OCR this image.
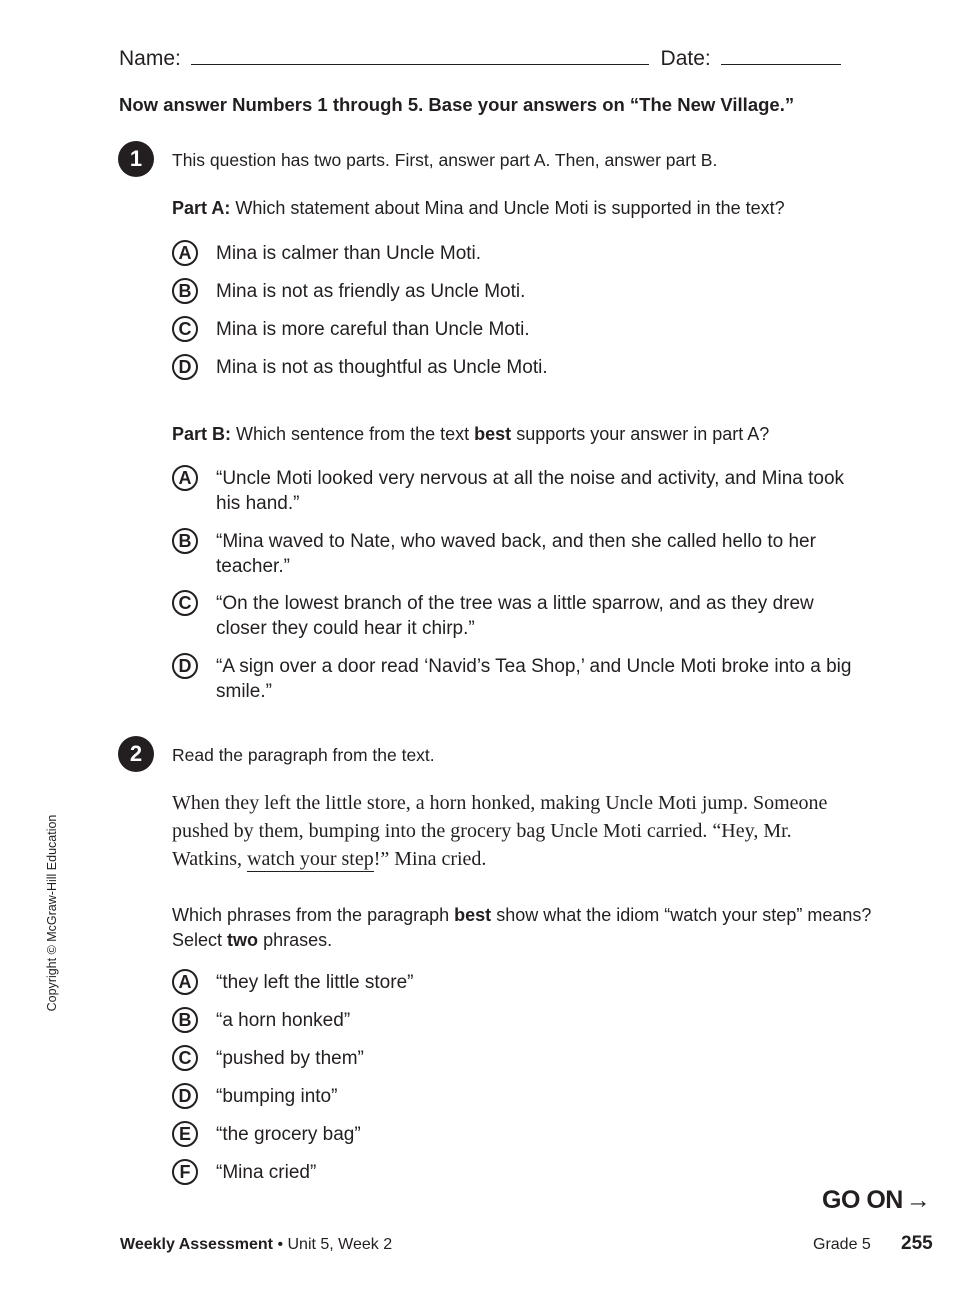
Name:	Date:
Now answer Numbers 1 through 5. Base your answers on “The New Village.”
1	This question has two parts. First, answer part A. Then, answer part B.
Part A: Which statement about Mina and Uncle Moti is supported in the text?
A	Mina is calmer than Uncle Moti.
B	Mina is not as friendly as Uncle Moti.
C	Mina is more careful than Uncle Moti.
D	Mina is not as thoughtful as Uncle Moti.
Part B: Which sentence from the text best supports your answer in part A?
A	“Uncle Moti looked very nervous at all the noise and activity, and Mina took his hand.”
B	“Mina waved to Nate, who waved back, and then she called hello to her teacher.”
C	“On the lowest branch of the tree was a little sparrow, and as they drew closer they could hear it chirp.”
D	“A sign over a door read ‘Navid’s Tea Shop,’ and Uncle Moti broke into a big smile.”
2	Read the paragraph from the text.
When they left the little store, a horn honked, making Uncle Moti jump. Someone pushed by them, bumping into the grocery bag Uncle Moti carried. “Hey, Mr. Watkins, watch your step!” Mina cried.
Which phrases from the paragraph best show what the idiom “watch your step” means? Select two phrases.
A	“they left the little store”
B	“a horn honked”
C	“pushed by them”
D	“bumping into”
E	“the grocery bag”
F	“Mina cried”
Copyright © McGraw-Hill Education
GO ON →
Weekly Assessment • Unit 5, Week 2	Grade 5 255
